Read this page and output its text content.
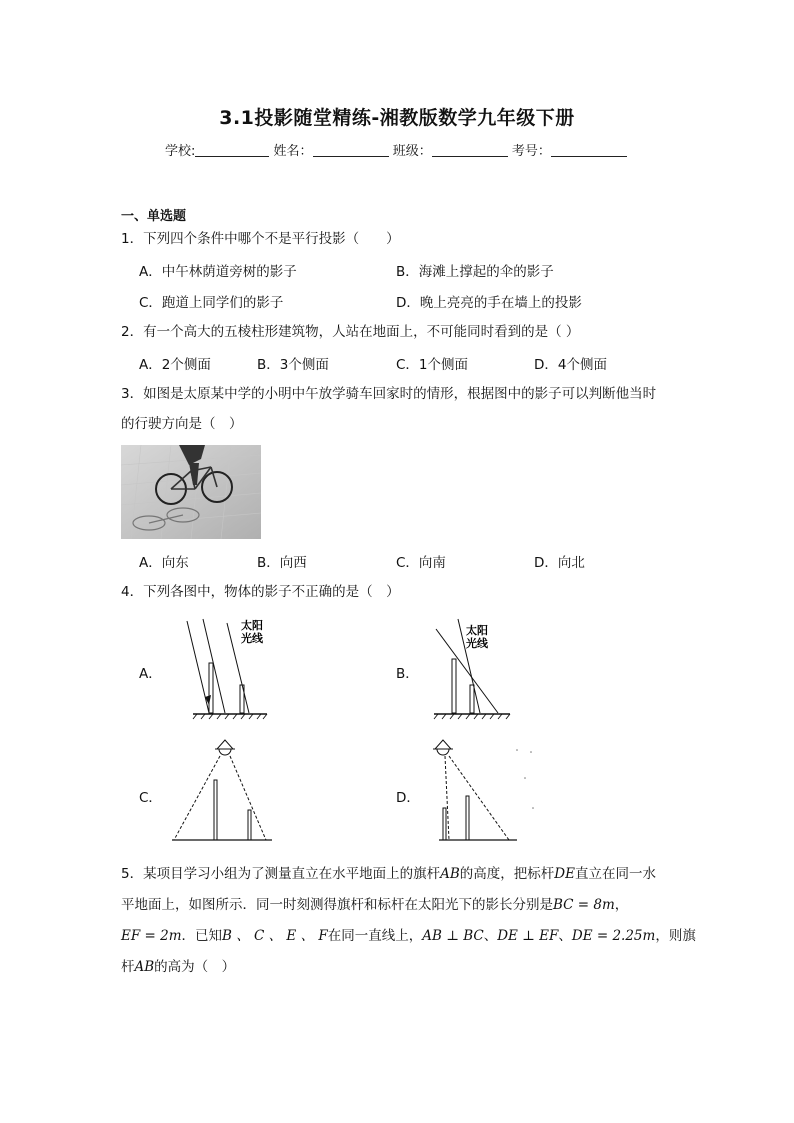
3.1投影随堂精练-湘教版数学九年级下册
学校:	姓名：	班级：	考号：
一、单选题
1．下列四个条件中哪个不是平行投影（　　）
A．中午林荫道旁树的影子	B．海滩上撑起的伞的影子
C．跑道上同学们的影子	D．晚上亮亮的手在墙上的投影
2．有一个高大的五棱柱形建筑物，人站在地面上，不可能同时看到的是（ ）
A．2个侧面	B．3个侧面	C．1个侧面	D．4个侧面
3．如图是太原某中学的小明中午放学骑车回家时的情形，根据图中的影子可以判断他当时
的行驶方向是（　）
A．向东	B．向西	C．向南	D．向北
4．下列各图中，物体的影子不正确的是（　）
A．
太阳
光线
B．
太阳
光线
C．	D．
5．某项目学习小组为了测量直立在水平地面上的旗杆AB的高度，把标杆DE直立在同一水
平地面上，如图所示．同一时刻测得旗杆和标杆在太阳光下的影长分别是BC = 8m，
EF = 2m．已知B 、 C 、 E 、 F在同一直线上，AB ⊥ BC、DE ⊥ EF、DE = 2.25m，则旗
杆AB的高为（　）
